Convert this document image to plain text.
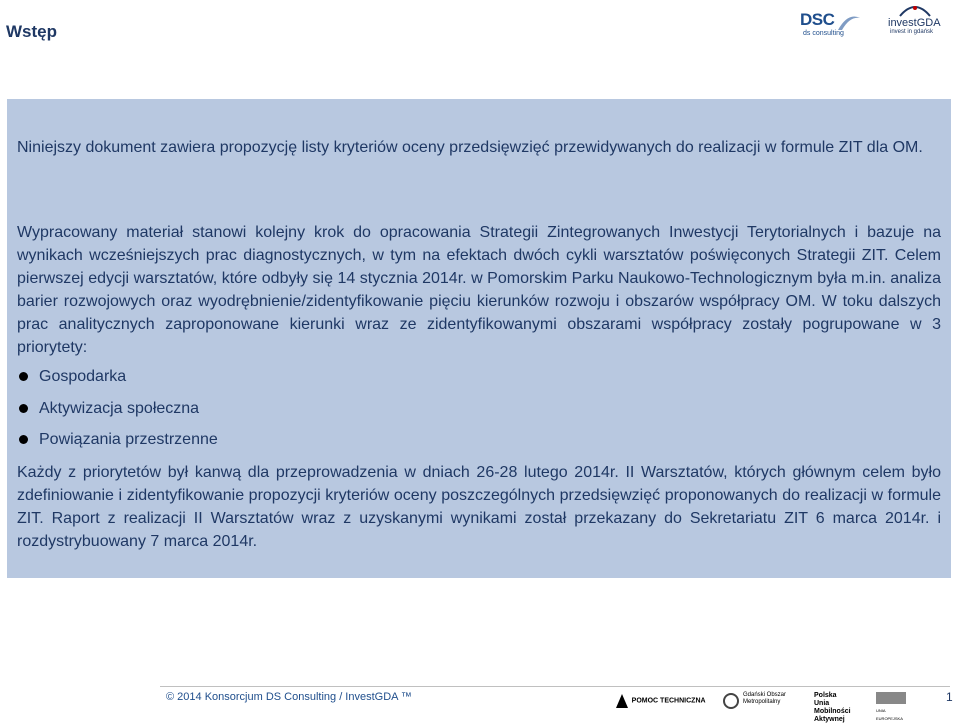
Wstęp
DSC
ds consulting
investGDA
invest in gdańsk
Niniejszy dokument zawiera propozycję listy kryteriów oceny przedsięwzięć przewidywanych do realizacji w formule ZIT dla OM.
Wypracowany materiał stanowi kolejny krok do opracowania Strategii Zintegrowanych Inwestycji Terytorialnych i bazuje na wynikach wcześniejszych prac diagnostycznych, w tym na efektach dwóch cykli warsztatów poświęconych Strategii ZIT. Celem pierwszej edycji warsztatów, które odbyły się 14 stycznia 2014r. w Pomorskim Parku Naukowo-Technologicznym była m.in. analiza barier rozwojowych oraz wyodrębnienie/zidentyfikowanie pięciu kierunków rozwoju i obszarów współpracy OM. W toku dalszych prac analitycznych zaproponowane kierunki wraz ze zidentyfikowanymi obszarami współpracy zostały pogrupowane w 3 priorytety:
Gospodarka
Aktywizacja społeczna
Powiązania przestrzenne
Każdy z priorytetów był kanwą dla przeprowadzenia w dniach 26-28 lutego 2014r. II Warsztatów, których głównym celem było zdefiniowanie i zidentyfikowanie propozycji kryteriów oceny poszczególnych przedsięwzięć proponowanych do realizacji w formule ZIT. Raport z realizacji II Warsztatów wraz z uzyskanymi wynikami został przekazany do Sekretariatu ZIT 6 marca 2014r. i rozdystrybuowany 7 marca 2014r.
© 2014 Konsorcjum DS Consulting / InvestGDA ™	POMOC TECHNICZNA
Gdański Obszar Metropolitalny
Polska Unia Mobilności Aktywnej
UNIA EUROPEJSKA
1
